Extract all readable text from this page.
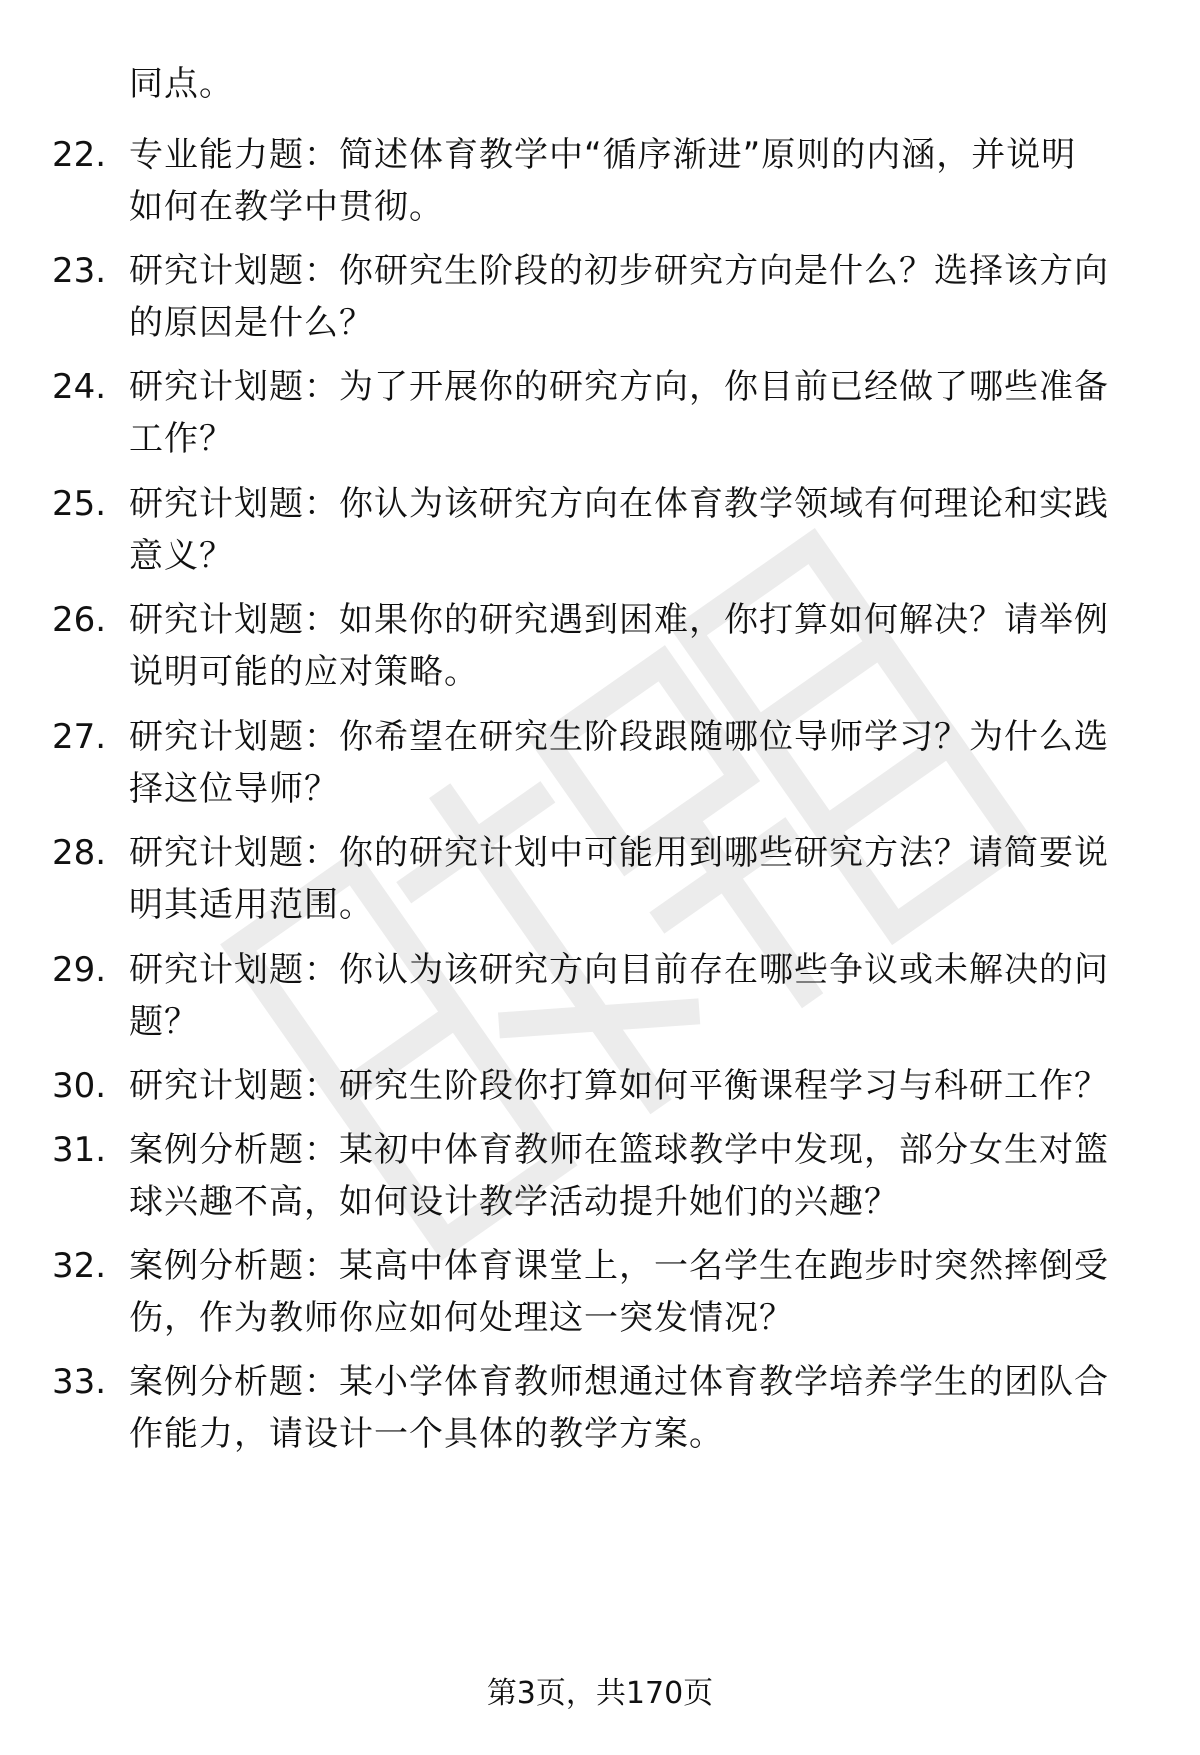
同点。
22. 专业能力题：简述体育教学中“循序渐进”原则的内涵，并说明
如何在教学中贯彻。
23. 研究计划题：你研究生阶段的初步研究方向是什么？选择该方向
的原因是什么？
24. 研究计划题：为了开展你的研究方向，你目前已经做了哪些准备
工作？
25. 研究计划题：你认为该研究方向在体育教学领域有何理论和实践
意义？
26. 研究计划题：如果你的研究遇到困难，你打算如何解决？请举例
说明可能的应对策略。
27. 研究计划题：你希望在研究生阶段跟随哪位导师学习？为什么选
择这位导师？
28. 研究计划题：你的研究计划中可能用到哪些研究方法？请简要说
明其适用范围。
29. 研究计划题：你认为该研究方向目前存在哪些争议或未解决的问
题？
30. 研究计划题：研究生阶段你打算如何平衡课程学习与科研工作？
31. 案例分析题：某初中体育教师在篮球教学中发现，部分女生对篮
球兴趣不高，如何设计教学活动提升她们的兴趣？
32. 案例分析题：某高中体育课堂上，一名学生在跑步时突然摔倒受
伤，作为教师你应如何处理这一突发情况？
33. 案例分析题：某小学体育教师想通过体育教学培养学生的团队合
作能力，请设计一个具体的教学方案。
第3页，共170页
